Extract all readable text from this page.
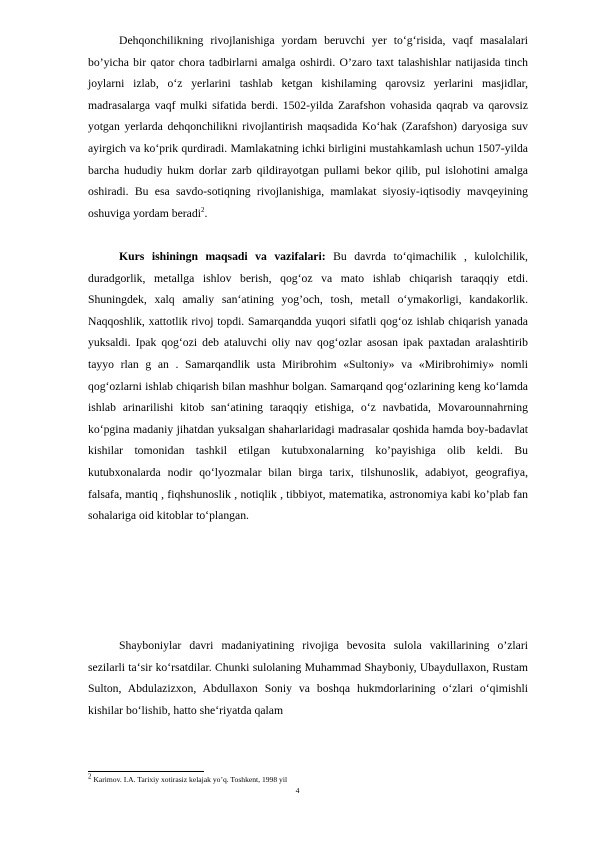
Dehqonchilikning rivojlanishiga yordam beruvchi yer to‘g‘risida, vaqf masalalari bo’yicha bir qator chora tadbirlarni amalga oshirdi. O’zaro taxt talashishlar natijasida tinch joylarni izlab, o‘z yerlarini tashlab ketgan kishilaming qarovsiz yerlarini masjidlar, madrasalarga vaqf mulki sifatida berdi. 1502-yilda Zarafshon vohasida qaqrab va qarovsiz yotgan yerlarda dehqonchilikni rivojlantirish maqsadida Ko‘hak (Zarafshon) daryosiga suv ayirgich va ko‘prik qurdiradi. Mamlakatning ichki birligini mustahkamlash uchun 1507-yilda barcha hududiy hukm dorlar zarb qildirayotgan pullami bekor qilib, pul islohotini amalga oshiradi. Bu esa savdo-sotiqning rivojlanishiga, mamlakat siyosiy-iqtisodiy mavqeyining oshuviga yordam beradi$^2$.

Kurs ishiningn maqsadi va vazifalari: Bu davrda to‘qimachilik , kulolchilik, duradgorlik, metallga ishlov berish, qog‘oz va mato ishlab chiqarish taraqqiy etdi. Shuningdek, xalq amaliy san‘atining yog’och, tosh, metall o‘ymakorligi, kandakorlik. Naqqoshlik, xattotlik rivoj topdi. Samarqandda yuqori sifatli qog‘oz ishlab chiqarish yanada yuksaldi. Ipak qog‘ozi deb ataluvchi oliy nav qog‘ozlar asosan ipak paxtadan aralashtirib tayyo rlan g an . Samarqandlik usta Miribrohim «Sultoniy» va «Miribrohimiy» nomli qog‘ozlarni ishlab chiqarish bilan mashhur bolgan. Samarqand qog‘ozlarining keng ko‘lamda ishlab arinarilishi kitob san‘atining taraqqiy etishiga, o‘z navbatida, Movarounnahrning ko‘pgina madaniy jihatdan yuksalgan shaharlaridagi madrasalar qoshida hamda boy-badavlat kishilar tomonidan tashkil etilgan kutubxonalarning ko’payishiga olib keldi. Bu kutubxonalarda nodir qo‘lyozmalar bilan birga tarix, tilshunoslik, adabiyot, geografiya, falsafa, mantiq , fiqhshunoslik , notiqlik , tibbiyot, matematika, astronomiya kabi ko’plab fan sohalariga oid kitoblar to‘plangan.

Shayboniylar davri madaniyatining rivojiga bevosita sulola vakillarining o’zlari sezilarli ta‘sir ko‘rsatdilar. Chunki sulolaning Muhammad Shayboniy, Ubaydullaxon, Rustam Sulton, Abdulazizxon, Abdullaxon Soniy va boshqa hukmdorlarining o‘zlari o‘qimishli kishilar bo‘lishib, hatto she‘riyatda qalam

$^2$ Karimov. I.A. Tarixiy xotirasiz kelajak yo’q. Toshkent, 1998 yil

4
